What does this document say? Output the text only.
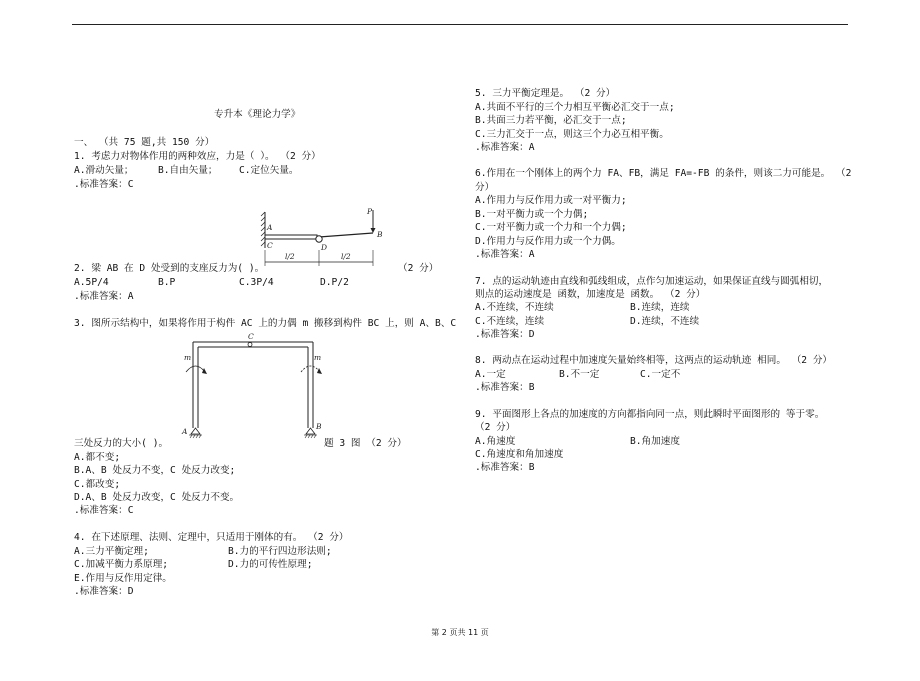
专升本《理论力学》
一、 （共 75 题,共 150 分）
1. 考虑力对物体作用的两种效应，力是（ ）。 （2 分）
A.滑动矢量；	B.自由矢量； C.定位矢量。
.标准答案：C
2. 梁 AB 在 D 处受到的支座反力为( )。	（2 分）
A.5P/4	B.P	C.3P/4	D.P/2
.标准答案：A
3. 图所示结构中，如果将作用于构件 AC 上的力偶 m 搬移到构件 BC 上，则 A、B、C
三处反力的大小( )。	题 3 图 （2 分）
A.都不变;
B.A、B 处反力不变，C 处反力改变;
C.都改变;
D.A、B 处反力改变，C 处反力不变。
.标准答案：C
4. 在下述原理、法则、定理中，只适用于刚体的有。 （2 分）
A.三力平衡定理;	B.力的平行四边形法则;
C.加减平衡力系原理;	D.力的可传性原理;
E.作用与反作用定律。
.标准答案：D
P
A
C	D
B
l/2	l/2
C
m	m
A
B
5. 三力平衡定理是。 （2 分）
A.共面不平行的三个力相互平衡必汇交于一点;
B.共面三力若平衡，必汇交于一点;
C.三力汇交于一点，则这三个力必互相平衡。
.标准答案：A
6.作用在一个刚体上的两个力 FA、FB，满足 FA=-FB 的条件，则该二力可能是。 （2
分）
A.作用力与反作用力或一对平衡力;
B.一对平衡力或一个力偶;
C.一对平衡力或一个力和一个力偶;
D.作用力与反作用力或一个力偶。
.标准答案：A
7. 点的运动轨迹由直线和弧线组成，点作匀加速运动，如果保证直线与圆弧相切，
则点的运动速度是 函数，加速度是 函数。 （2 分）
A.不连续，不连续	B.连续，连续
C.不连续，连续	D.连续，不连续
.标准答案：D
8. 两动点在运动过程中加速度矢量始终相等，这两点的运动轨迹 相同。 （2 分）
A.一定	B.不一定	C.一定不
.标准答案：B
9. 平面图形上各点的加速度的方向都指向同一点，则此瞬时平面图形的 等于零。
（2 分）
A.角速度	B.角加速度
C.角速度和角加速度
.标准答案：B
第 2 页共 11 页
